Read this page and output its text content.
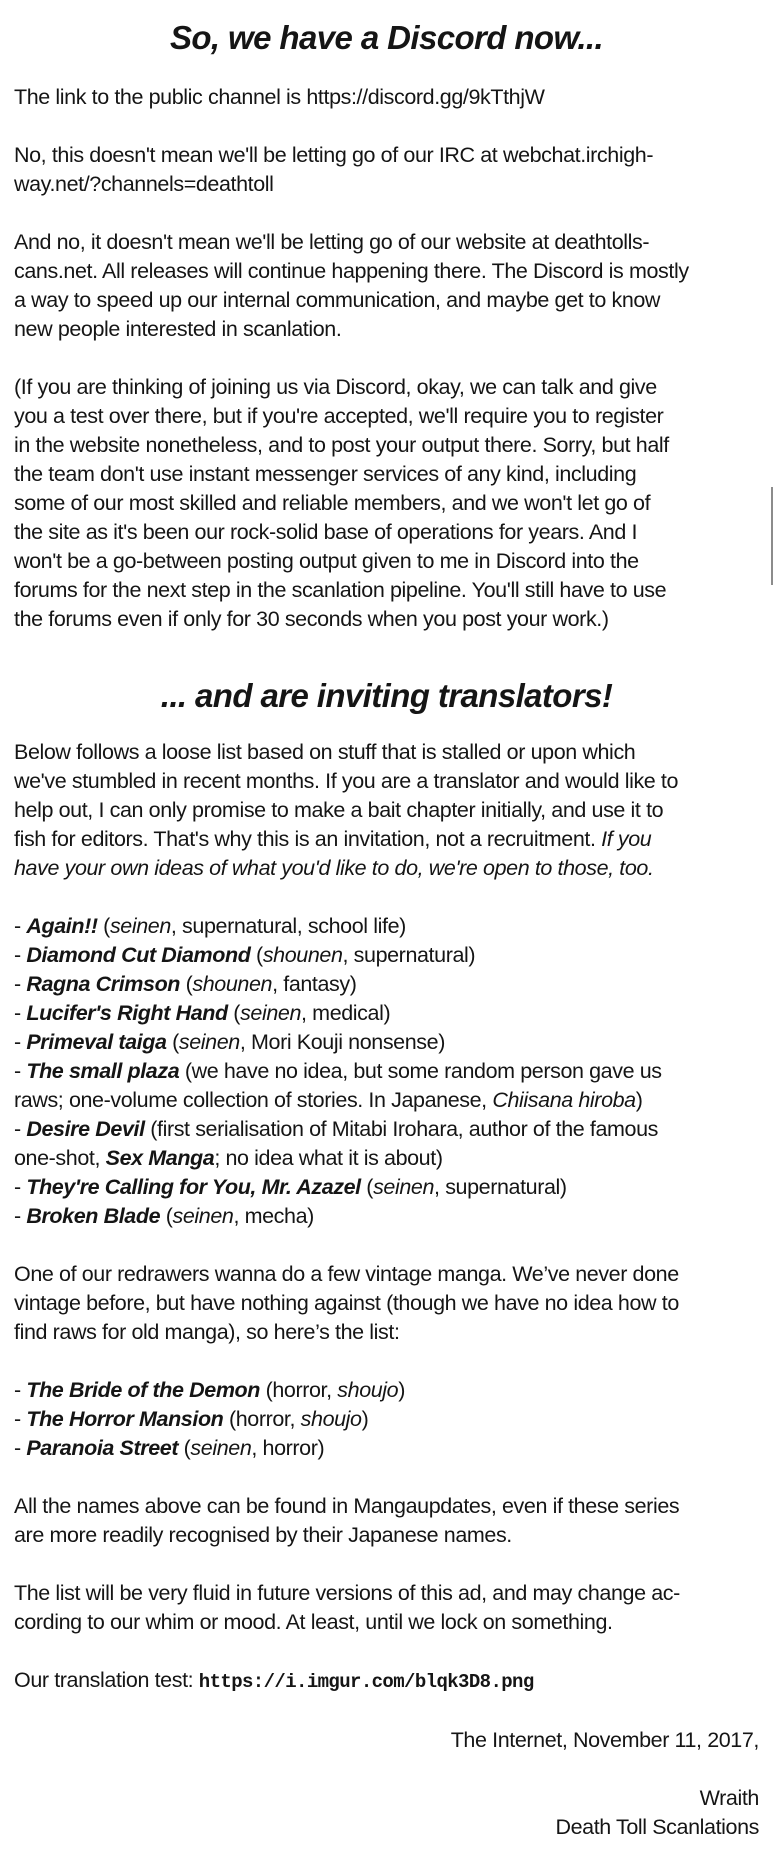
So, we have a Discord now...
The link to the public channel is https://discord.gg/9kTthjW
No, this doesn't mean we'll be letting go of our IRC at webchat.irchigh-
way.net/?channels=deathtoll
And no, it doesn't mean we'll be letting go of our website at deathtolls-
cans.net. All releases will continue happening there. The Discord is mostly
a way to speed up our internal communication, and maybe get to know
new people interested in scanlation.
(If you are thinking of joining us via Discord, okay, we can talk and give
you a test over there, but if you're accepted, we'll require you to register
in the website nonetheless, and to post your output there. Sorry, but half
the team don't use instant messenger services of any kind, including
some of our most skilled and reliable members, and we won't let go of
the site as it's been our rock-solid base of operations for years. And I
won't be a go-between posting output given to me in Discord into the
forums for the next step in the scanlation pipeline. You'll still have to use
the forums even if only for 30 seconds when you post your work.)
... and are inviting translators!
Below follows a loose list based on stuff that is stalled or upon which
we've stumbled in recent months. If you are a translator and would like to
help out, I can only promise to make a bait chapter initially, and use it to
fish for editors. That's why this is an invitation, not a recruitment. If you
have your own ideas of what you'd like to do, we're open to those, too.
- Again!! (seinen, supernatural, school life)
- Diamond Cut Diamond (shounen, supernatural)
- Ragna Crimson (shounen, fantasy)
- Lucifer's Right Hand (seinen, medical)
- Primeval taiga (seinen, Mori Kouji nonsense)
- The small plaza (we have no idea, but some random person gave us
raws; one-volume collection of stories. In Japanese, Chiisana hiroba)
- Desire Devil (first serialisation of Mitabi Irohara, author of the famous
one-shot, Sex Manga; no idea what it is about)
- They're Calling for You, Mr. Azazel (seinen, supernatural)
- Broken Blade (seinen, mecha)
One of our redrawers wanna do a few vintage manga. We’ve never done
vintage before, but have nothing against (though we have no idea how to
find raws for old manga), so here’s the list:
- The Bride of the Demon (horror, shoujo)
- The Horror Mansion (horror, shoujo)
- Paranoia Street (seinen, horror)
All the names above can be found in Mangaupdates, even if these series
are more readily recognised by their Japanese names.
The list will be very fluid in future versions of this ad, and may change ac-
cording to our whim or mood. At least, until we lock on something.
Our translation test: https://i.imgur.com/blqk3D8.png
The Internet, November 11, 2017,
Wraith
Death Toll Scanlations
